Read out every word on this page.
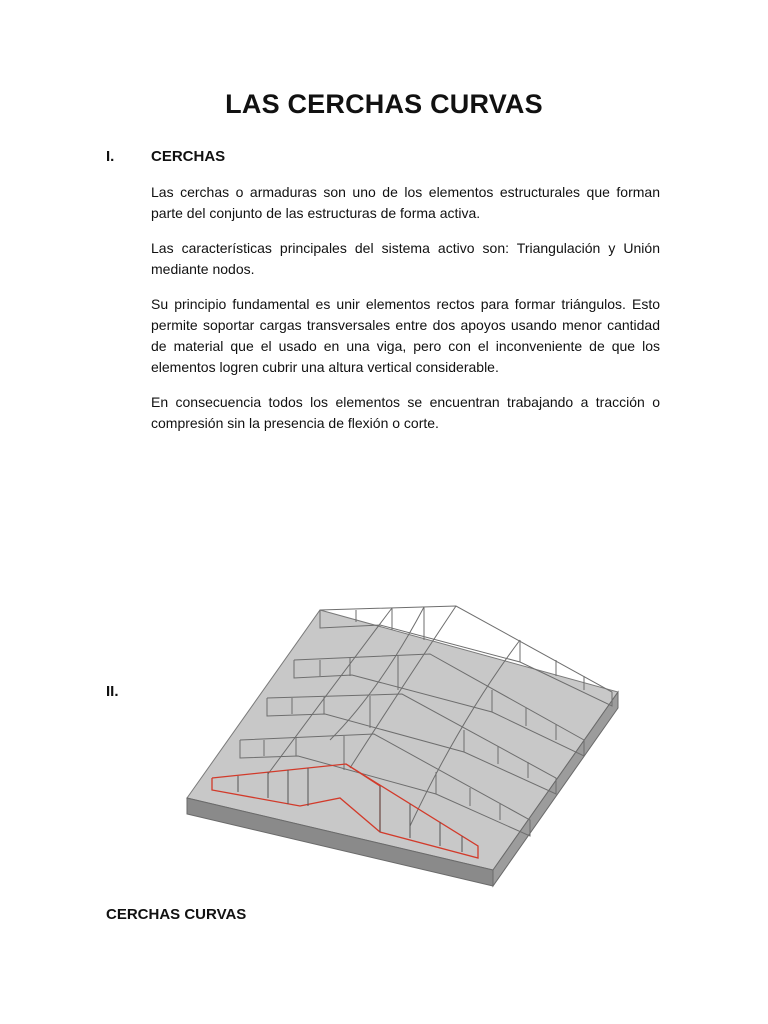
LAS CERCHAS CURVAS
I. CERCHAS

Las cerchas o armaduras son uno de los elementos estructurales que forman parte del conjunto de las estructuras de forma activa.

Las características principales del sistema activo son: Triangulación y Unión mediante nodos.

Su principio fundamental es unir elementos rectos para formar triángulos. Esto permite soportar cargas transversales entre dos apoyos usando menor cantidad de material que el usado en una viga, pero con el inconveniente de que los elementos logren cubrir una altura vertical considerable.

En consecuencia todos los elementos se encuentran trabajando a tracción o compresión sin la presencia de flexión o corte.

II.
CERCHAS CURVAS
